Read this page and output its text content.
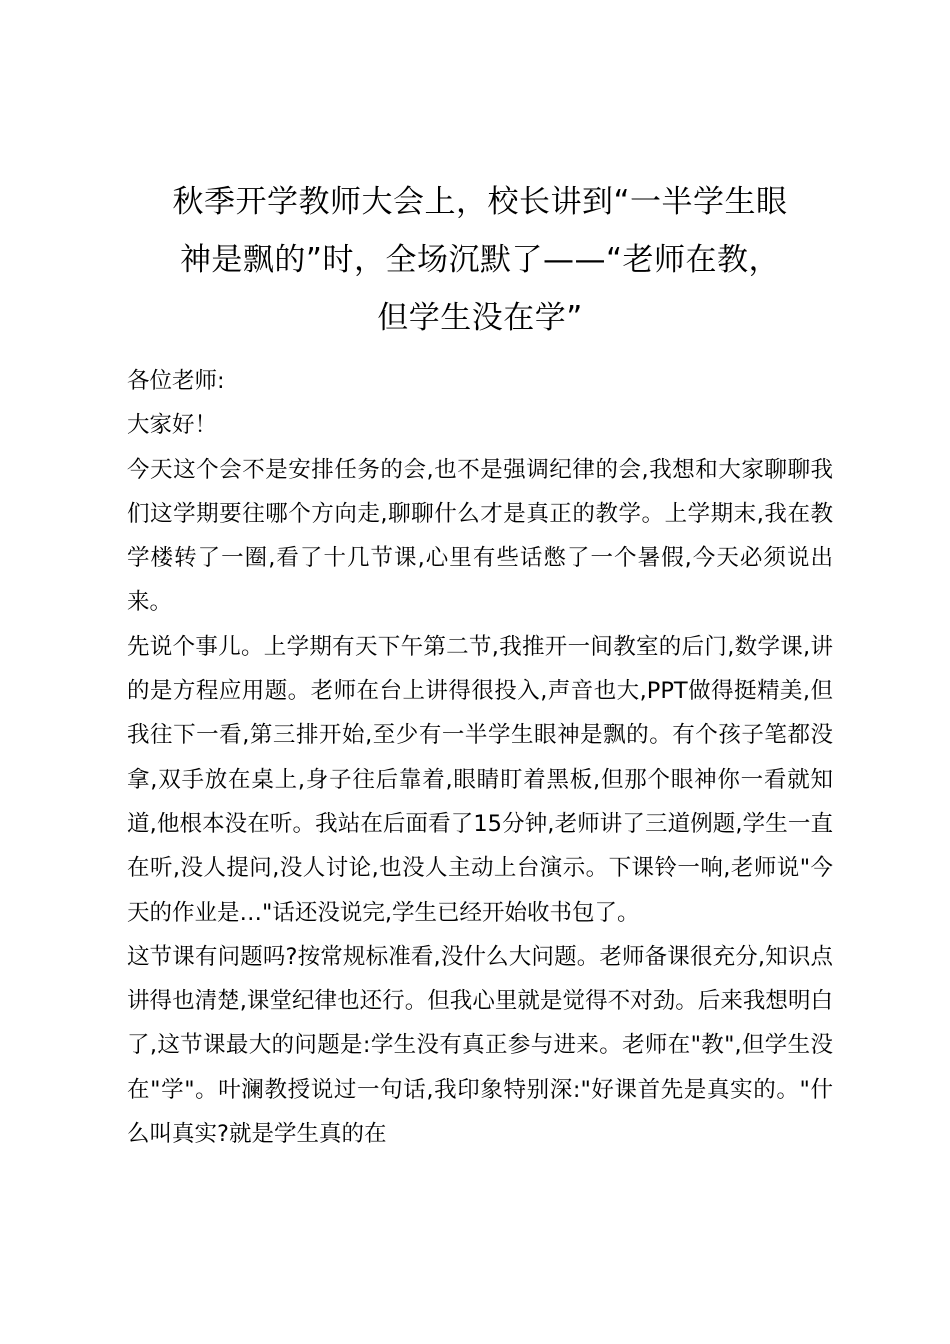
秋季开学教师大会上，校长讲到“一半学生眼
神是飘的”时，全场沉默了——“老师在教，
但学生没在学”

各位老师:

大家好！

今天这个会不是安排任务的会,也不是强调纪律的会,我想和大家聊聊我们这学期要往哪个方向走,聊聊什么才是真正的教学。上学期末,我在教学楼转了一圈,看了十几节课,心里有些话憋了一个暑假,今天必须说出来。

先说个事儿。上学期有天下午第二节,我推开一间教室的后门,数学课,讲的是方程应用题。老师在台上讲得很投入,声音也大,PPT做得挺精美,但我往下一看,第三排开始,至少有一半学生眼神是飘的。有个孩子笔都没拿,双手放在桌上,身子往后靠着,眼睛盯着黑板,但那个眼神你一看就知道,他根本没在听。我站在后面看了15分钟,老师讲了三道例题,学生一直在听,没人提问,没人讨论,也没人主动上台演示。下课铃一响,老师说"今天的作业是…"话还没说完,学生已经开始收书包了。

这节课有问题吗?按常规标准看,没什么大问题。老师备课很充分,知识点讲得也清楚,课堂纪律也还行。但我心里就是觉得不对劲。后来我想明白了,这节课最大的问题是:学生没有真正参与进来。老师在"教",但学生没在"学"。叶澜教授说过一句话,我印象特别深:"好课首先是真实的。"什么叫真实?就是学生真的在
